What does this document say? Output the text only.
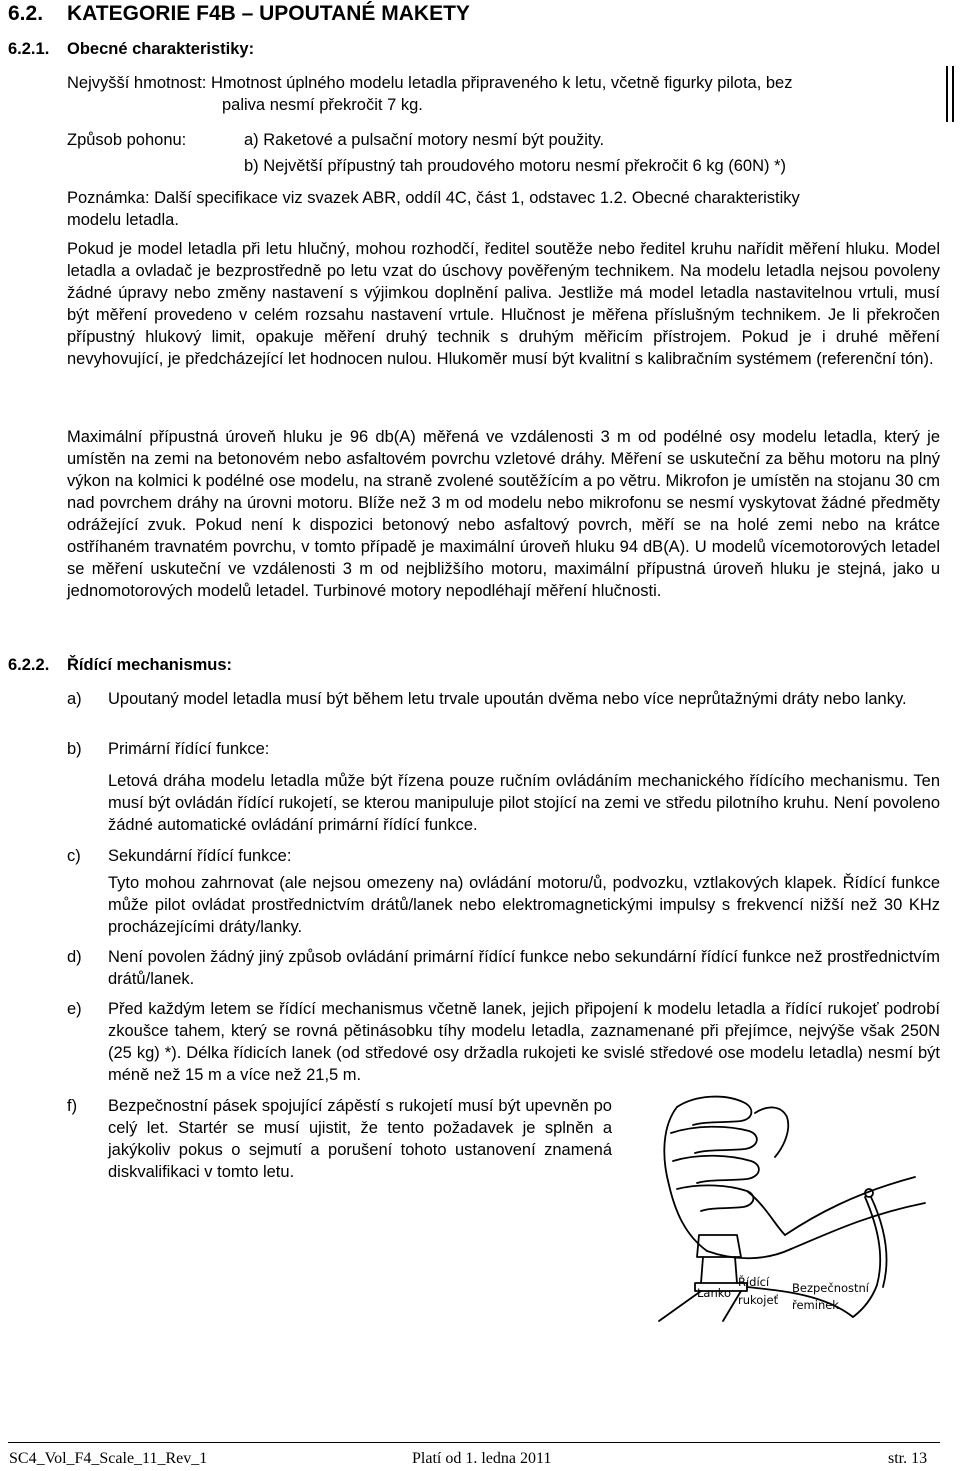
6.2. KATEGORIE F4B – UPOUTANÉ MAKETY
6.2.1. Obecné charakteristiky:
Nejvyšší hmotnost: Hmotnost úplného modelu letadla připraveného k letu, včetně figurky pilota, bez
paliva nesmí překročit 7 kg.
Způsob pohonu:	a) Raketové a pulsační motory nesmí být použity.
b) Největší přípustný tah proudového motoru nesmí překročit 6 kg (60N) *)
Poznámka: Další specifikace viz svazek ABR, oddíl 4C, část 1, odstavec 1.2. Obecné charakteristiky
modelu letadla.
Pokud je model letadla při letu hlučný, mohou rozhodčí, ředitel soutěže nebo ředitel kruhu nařídit měření hluku. Model letadla a ovladač je bezprostředně po letu vzat do úschovy pověřeným technikem. Na modelu letadla nejsou povoleny žádné úpravy nebo změny nastavení s výjimkou doplnění paliva. Jestliže má model letadla nastavitelnou vrtuli, musí být měření provedeno v celém rozsahu nastavení vrtule. Hlučnost je měřena příslušným technikem. Je li překročen přípustný hlukový limit, opakuje měření druhý technik s druhým měřicím přístrojem. Pokud je i druhé měření nevyhovující, je předcházející let hodnocen nulou. Hlukoměr musí být kvalitní s kalibračním systémem (referenční tón).
Maximální přípustná úroveň hluku je 96 db(A) měřená ve vzdálenosti 3 m od podélné osy modelu letadla, který je umístěn na zemi na betonovém nebo asfaltovém povrchu vzletové dráhy. Měření se uskuteční za běhu motoru na plný výkon na kolmici k podélné ose modelu, na straně zvolené soutěžícím a po větru. Mikrofon je umístěn na stojanu 30 cm nad povrchem dráhy na úrovni motoru. Blíže než 3 m od modelu nebo mikrofonu se nesmí vyskytovat žádné předměty odrážející zvuk. Pokud není k dispozici betonový nebo asfaltový povrch, měří se na holé zemi nebo na krátce ostříhaném travnatém povrchu, v tomto případě je maximální úroveň hluku 94 dB(A). U modelů vícemotorových letadel se měření uskuteční ve vzdálenosti 3 m od nejbližšího motoru, maximální přípustná úroveň hluku je stejná, jako u jednomotorových modelů letadel. Turbinové motory nepodléhají měření hlučnosti.
6.2.2. Řídící mechanismus:
a) Upoutaný model letadla musí být během letu trvale upoután dvěma nebo více neprůtažnými dráty nebo lanky.
b) Primární řídící funkce:
Letová dráha modelu letadla může být řízena pouze ručním ovládáním mechanického řídícího mechanismu. Ten musí být ovládán řídící rukojetí, se kterou manipuluje pilot stojící na zemi ve středu pilotního kruhu. Není povoleno žádné automatické ovládání primární řídící funkce.
c) Sekundární řídící funkce:
Tyto mohou zahrnovat (ale nejsou omezeny na) ovládání motoru/ů, podvozku, vztlakových klapek. Řídící funkce může pilot ovládat prostřednictvím drátů/lanek nebo elektromagnetickými impulsy s frekvencí nižší než 30 KHz procházejícími dráty/lanky.
d) Není povolen žádný jiný způsob ovládání primární řídící funkce nebo sekundární řídící funkce než prostřednictvím drátů/lanek.
e) Před každým letem se řídící mechanismus včetně lanek, jejich připojení k modelu letadla a řídící rukojeť podrobí zkoušce tahem, který se rovná pětinásobku tíhy modelu letadla, zaznamenané při přejímce, nejvýše však 250N (25 kg) *). Délka řídicích lanek (od středové osy držadla rukojeti ke svislé středové ose modelu letadla) nesmí být méně než 15 m a více než 21,5 m.
f) Bezpečnostní pásek spojující zápěstí s rukojetí musí být upevněn po celý let. Startér se musí ujistit, že tento požadavek je splněn a jakýkoliv pokus o sejmutí a porušení tohoto ustanovení znamená diskvalifikaci v tomto letu.
Lanko
Řídící
rukojeť
Bezpečnostní
řeminek
SC4_Vol_F4_Scale_11_Rev_1	Platí od 1. ledna 2011	str. 13
